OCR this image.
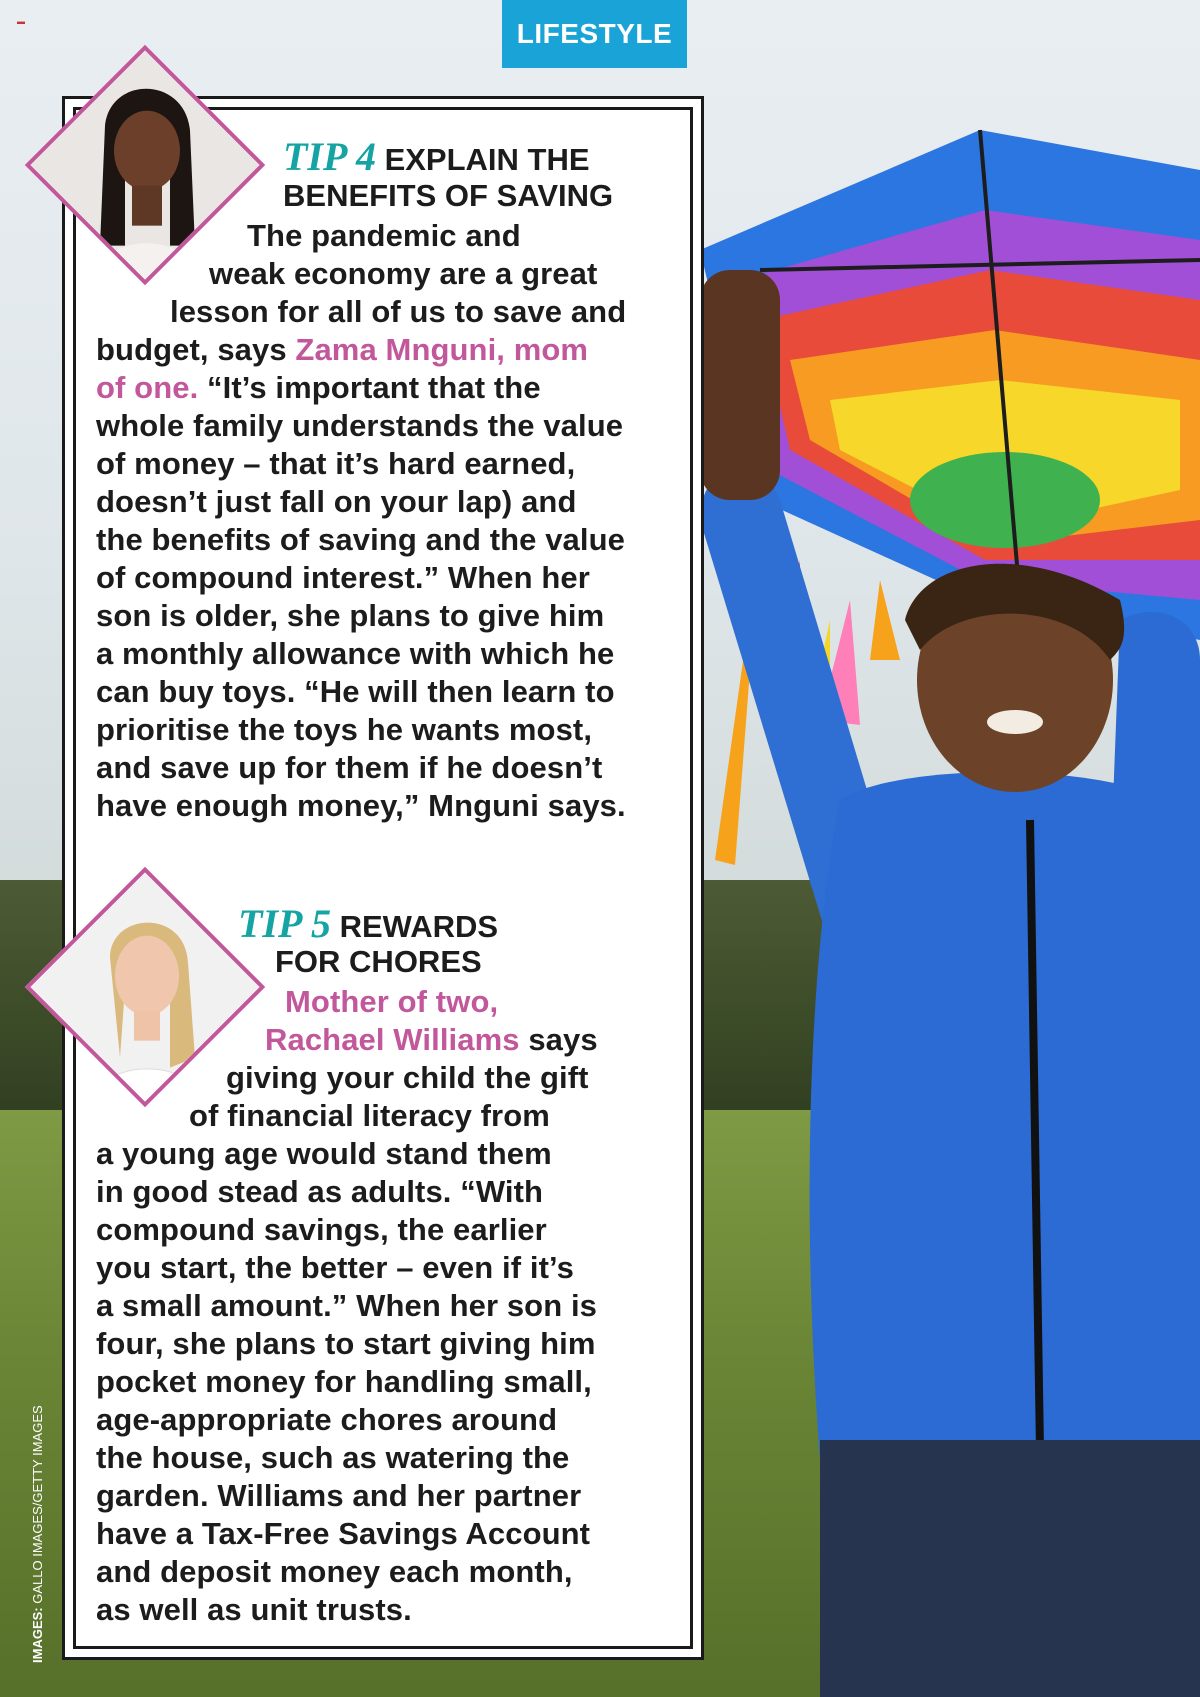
LIFESTYLE
▬
TIP 4 EXPLAIN THE
BENEFITS OF SAVING
The pandemic and
weak economy are a great
lesson for all of us to save and
budget, says Zama Mnguni, mom
of one. “It’s important that the
whole family understands the value
of money – that it’s hard earned,
doesn’t just fall on your lap) and
the benefits of saving and the value
of compound interest.” When her
son is older, she plans to give him
a monthly allowance with which he
can buy toys. “He will then learn to
prioritise the toys he wants most,
and save up for them if he doesn’t
have enough money,” Mnguni says.
TIP 5 REWARDS
FOR CHORES
Mother of two,
Rachael Williams says
giving your child the gift
of financial literacy from
a young age would stand them
in good stead as adults. “With
compound savings, the earlier
you start, the better – even if it’s
a small amount.” When her son is
four, she plans to start giving him
pocket money for handling small,
age-appropriate chores around
the house, such as watering the
garden. Williams and her partner
have a Tax-Free Savings Account
and deposit money each month,
as well as unit trusts.
IMAGES: GALLO IMAGES/GETTY IMAGES
